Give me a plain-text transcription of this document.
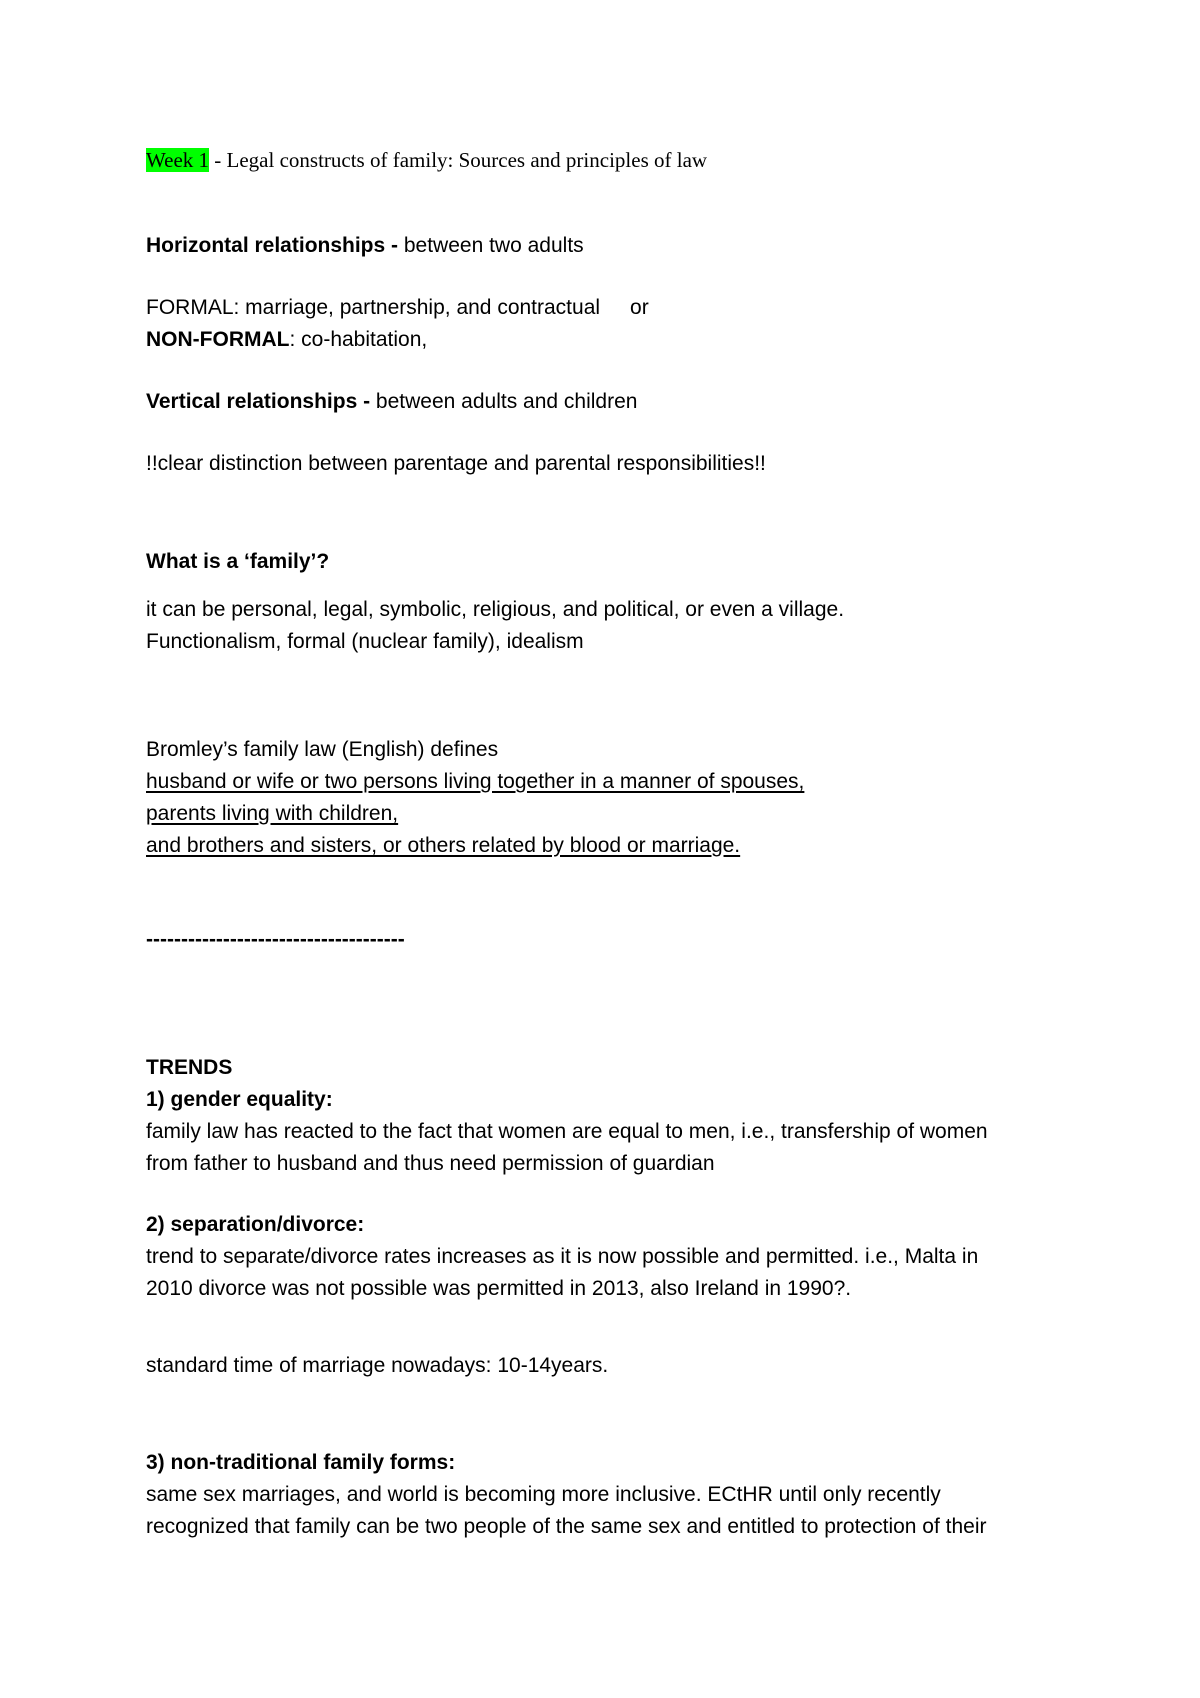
Week 1 - Legal constructs of family: Sources and principles of law
Horizontal relationships - between two adults
FORMAL: marriage, partnership, and contractual or
NON-FORMAL: co-habitation,
Vertical relationships - between adults and children
!!clear distinction between parentage and parental responsibilities!!
What is a ‘family’?
it can be personal, legal, symbolic, religious, and political, or even a village.
Functionalism, formal (nuclear family), idealism
Bromley’s family law (English) defines
husband or wife or two persons living together in a manner of spouses,
parents living with children,
and brothers and sisters, or others related by blood or marriage.
-------------------------------------
TRENDS
1) gender equality:
family law has reacted to the fact that women are equal to men, i.e., transfership of women
from father to husband and thus need permission of guardian
2) separation/divorce:
trend to separate/divorce rates increases as it is now possible and permitted. i.e., Malta in
2010 divorce was not possible was permitted in 2013, also Ireland in 1990?.
standard time of marriage nowadays: 10-14years.
3) non-traditional family forms:
same sex marriages, and world is becoming more inclusive. ECtHR until only recently
recognized that family can be two people of the same sex and entitled to protection of their
